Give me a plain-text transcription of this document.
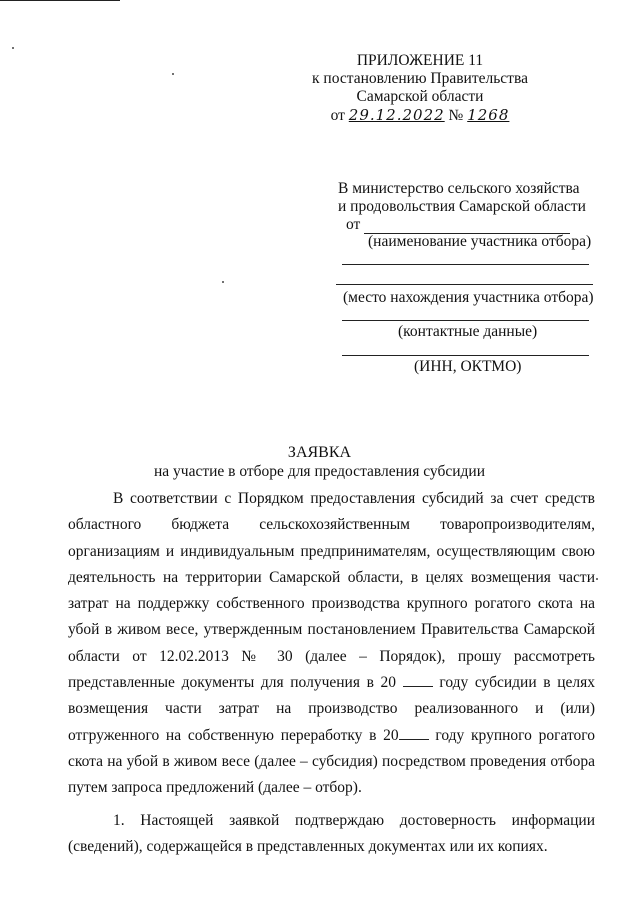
ПРИЛОЖЕНИЕ 11
к постановлению Правительства
Самарской области
от 29.12.2022 № 1268
В министерство сельского хозяйства
и продовольствия Самарской области
от
(наименование участника отбора)
(место нахождения участника отбора)
(контактные данные)
(ИНН, ОКТМО)
ЗАЯВКА
на участие в отборе для предоставления субсидии

В соответствии с Порядком предоставления субсидий за счет средств областного бюджета сельскохозяйственным товаропроизводителям, организациям и индивидуальным предпринимателям, осуществляющим свою деятельность на территории Самарской области, в целях возмещения части затрат на поддержку собственного производства крупного рогатого скота на убой в живом весе, утвержденным постановлением Правительства Самарской области от 12.02.2013 № 30 (далее – Порядок), прошу рассмотреть представленные документы для получения в 20	году субсидии в целях возмещения части затрат на производство реализованного и (или) отгруженного на собственную переработку в 20 году крупного рогатого скота на убой в живом весе (далее – субсидия) посредством проведения отбора путем запроса предложений (далее – отбор).

1. Настоящей заявкой подтверждаю достоверность информации (сведений), содержащейся в представленных документах или их копиях.
